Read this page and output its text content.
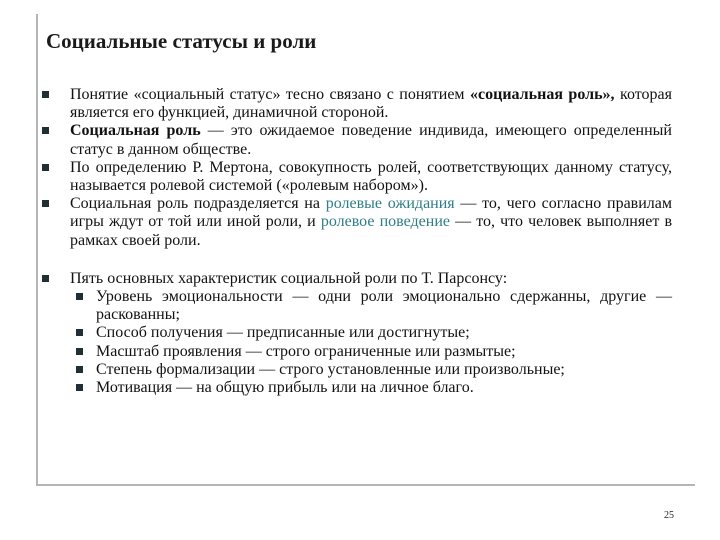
Социальные статусы и роли
Понятие «социальный статус» тесно связано с понятием «социальная роль», которая является его функцией, динамичной стороной.
Социальная роль — это ожидаемое поведение индивида, имеющего определенный статус в данном обществе.
По определению Р. Мертона, совокупность ролей, соответствующих данному статусу, называется ролевой системой («ролевым набором»).
Социальная роль подразделяется на ролевые ожидания — то, чего согласно правилам игры ждут от той или иной роли, и ролевое поведение — то, что человек выполняет в рамках своей роли.
Пять основных характеристик социальной роли по Т. Парсонсу:
Уровень эмоциональности — одни роли эмоционально сдержанны, другие — раскованны;
Способ получения — предписанные или достигнутые;
Масштаб проявления — строго ограниченные или размытые;
Степень формализации — строго установленные или произвольные;
Мотивация — на общую прибыль или на личное благо.
25
